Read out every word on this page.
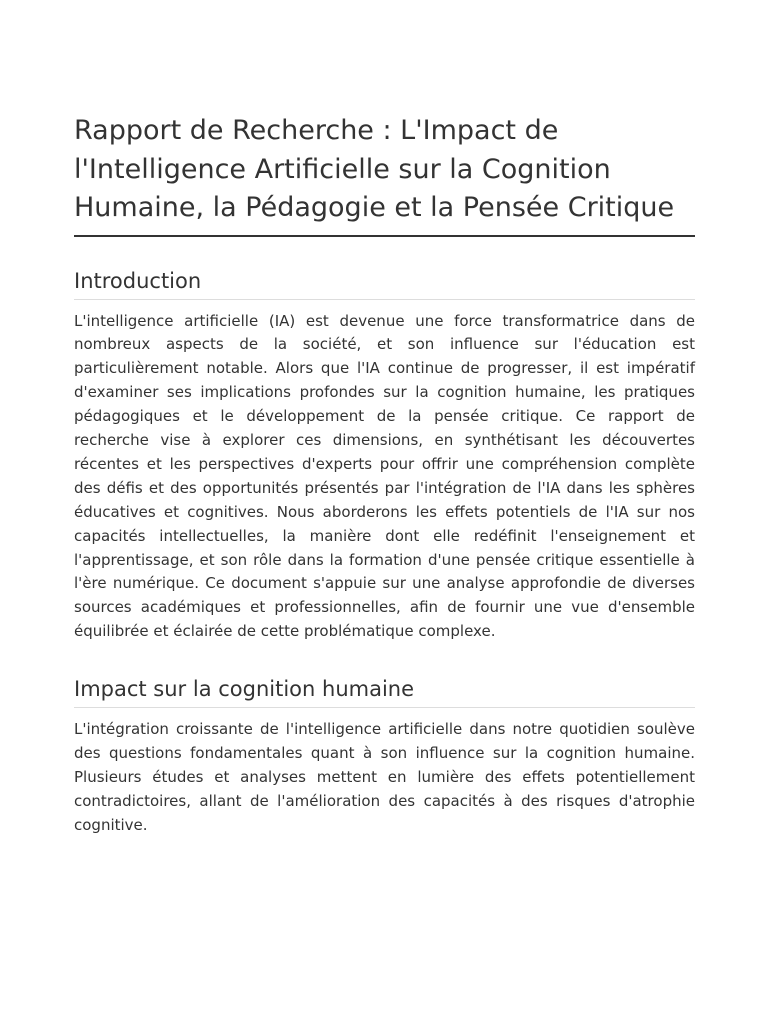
Rapport de Recherche : L'Impact de l'Intelligence Artificielle sur la Cognition Humaine, la Pédagogie et la Pensée Critique
Introduction

L'intelligence artificielle (IA) est devenue une force transformatrice dans de nombreux aspects de la société, et son influence sur l'éducation est particulièrement notable. Alors que l'IA continue de progresser, il est impératif d'examiner ses implications profondes sur la cognition humaine, les pratiques pédagogiques et le développement de la pensée critique. Ce rapport de recherche vise à explorer ces dimensions, en synthétisant les découvertes récentes et les perspectives d'experts pour offrir une compréhension complète des défis et des opportunités présentés par l'intégration de l'IA dans les sphères éducatives et cognitives. Nous aborderons les effets potentiels de l'IA sur nos capacités intellectuelles, la manière dont elle redéfinit l'enseignement et l'apprentissage, et son rôle dans la formation d'une pensée critique essentielle à l'ère numérique. Ce document s'appuie sur une analyse approfondie de diverses sources académiques et professionnelles, afin de fournir une vue d'ensemble équilibrée et éclairée de cette problématique complexe.

Impact sur la cognition humaine

L'intégration croissante de l'intelligence artificielle dans notre quotidien soulève des questions fondamentales quant à son influence sur la cognition humaine. Plusieurs études et analyses mettent en lumière des effets potentiellement contradictoires, allant de l'amélioration des capacités à des risques d'atrophie cognitive.
